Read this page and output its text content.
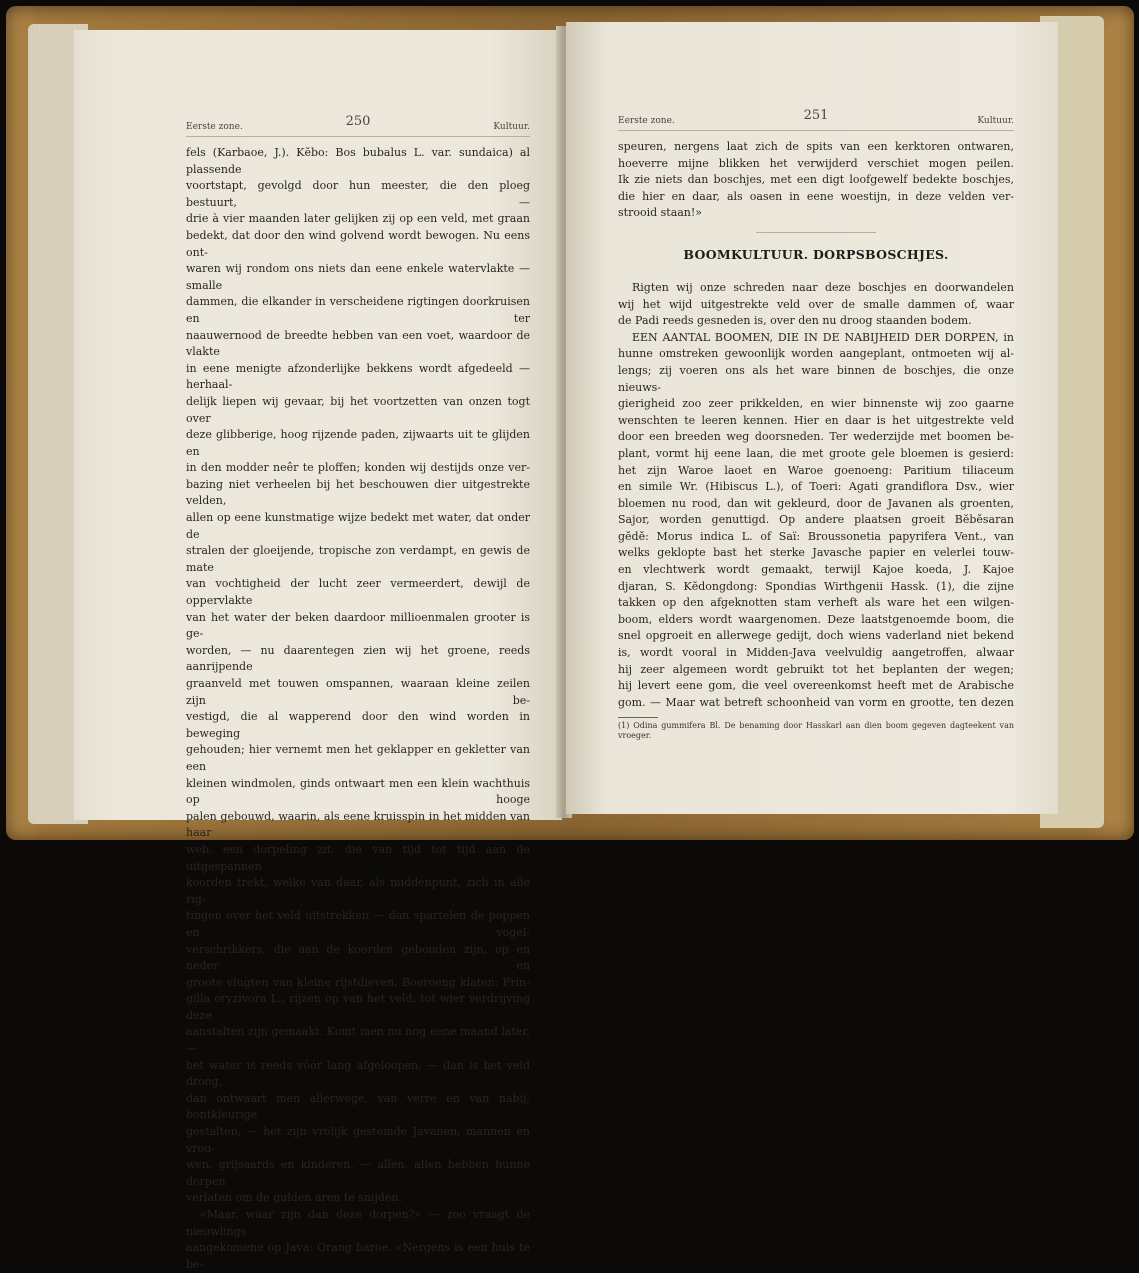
Eerste zone.	250	Kultuur.

fels (Karbaoe, J.). Kĕbo: Bos bubalus L. var. sundaica) al plassende

voortstapt, gevolgd door hun meester, die den ploeg bestuurt, —

drie à vier maanden later gelijken zij op een veld, met graan

bedekt, dat door den wind golvend wordt bewogen. Nu eens ont-

waren wij rondom ons niets dan eene enkele watervlakte — smalle

dammen, die elkander in verscheidene rigtingen doorkruisen en ter

naauwernood de breedte hebben van een voet, waardoor de vlakte

in eene menigte afzonderlijke bekkens wordt afgedeeld — herhaal-

delijk liepen wij gevaar, bij het voortzetten van onzen togt over

deze glibberige, hoog rijzende paden, zijwaarts uit te glijden en

in den modder neêr te ploffen; konden wij destijds onze ver-

bazing niet verheelen bij het beschouwen dier uitgestrekte velden,

allen op eene kunstmatige wijze bedekt met water, dat onder de

stralen der gloeijende, tropische zon verdampt, en gewis de mate

van vochtigheid der lucht zeer vermeerdert, dewijl de oppervlakte

van het water der beken daardoor millioenmalen grooter is ge-

worden, — nu daarentegen zien wij het groene, reeds aanrijpende

graanveld met touwen omspannen, waaraan kleine zeilen zijn be-

vestigd, die al wapperend door den wind worden in beweging

gehouden; hier vernemt men het geklapper en gekletter van een

kleinen windmolen, ginds ontwaart men een klein wachthuis op hooge

palen gebouwd, waarin, als eene kruisspin in het midden van haar

web, een dorpeling zit, die van tijd tot tijd aan de uitgespannen

koorden trekt, welke van daar, als middenpunt, zich in alle rig-

tingen over het veld uitstrekken — dan spartelen de poppen en vogel-

verschrikkers, die aan de koorden gebonden zijn, op en neder en

groote vlugten van kleine rijstdieven, Boeroeng klaten: Frin-

gilla oryzivora L., rijzen op van het veld, tot wier verdrijving deze

aanstalten zijn gemaakt. Komt men nu nog eene maand later, —

het water is reeds vóór lang afgeloopen, — dan is het veld droog,

dan ontwaart men allerwege, van verre en van nabij, bontkleurige

gestalten, — het zijn vrolijk gestemde Javanen, mannen en vrou-

wen, grijsaards en kinderen, — allen, allen hebben hunne dorpen

verlaten om de gulden aren te snijden.

«Maar, waar zijn dan deze dorpen?» — zoo vraagt de nieuwlings

aangekomene op Java: Orang baroe. «Nergens is een huis te be-

Eerste zone.	251	Kultuur.

speuren, nergens laat zich de spits van een kerktoren ontwaren,

hoeverre mijne blikken het verwijderd verschiet mogen peilen.

Ik zie niets dan boschjes, met een digt loofgewelf bedekte boschjes,

die hier en daar, als oasen in eene woestijn, in deze velden ver-

strooid staan!»

BOOMKULTUUR. DORPSBOSCHJES.

Rigten wij onze schreden naar deze boschjes en doorwandelen

wij het wijd uitgestrekte veld over de smalle dammen of, waar

de Padi reeds gesneden is, over den nu droog staanden bodem.

EEN AANTAL BOOMEN, DIE IN DE NABIJHEID DER DORPEN, in

hunne omstreken gewoonlijk worden aangeplant, ontmoeten wij al-

lengs; zij voeren ons als het ware binnen de boschjes, die onze nieuws-

gierigheid zoo zeer prikkelden, en wier binnenste wij zoo gaarne

wenschten te leeren kennen. Hier en daar is het uitgestrekte veld

door een breeden weg doorsneden. Ter wederzijde met boomen be-

plant, vormt hij eene laan, die met groote gele bloemen is gesierd:

het zijn Waroe laoet en Waroe goenoeng: Paritium tiliaceum

en simile Wr. (Hibiscus L.), of Toeri: Agati grandiflora Dsv., wier

bloemen nu rood, dan wit gekleurd, door de Javanen als groenten,

Sajor, worden genuttigd. Op andere plaatsen groeit Bĕbĕsaran

gĕdĕ: Morus indica L. of Saï: Broussonetia papyrifera Vent., van

welks geklopte bast het sterke Javasche papier en velerlei touw-

en vlechtwerk wordt gemaakt, terwijl Kajoe koeda, J. Kajoe

djaran, S. Kĕdongdong: Spondias Wirthgenii Hassk. (1), die zijne

takken op den afgeknotten stam verheft als ware het een wilgen-

boom, elders wordt waargenomen. Deze laatstgenoemde boom, die

snel opgroeit en allerwege gedijt, doch wiens vaderland niet bekend

is, wordt vooral in Midden-Java veelvuldig aangetroffen, alwaar

hij zeer algemeen wordt gebruikt tot het beplanten der wegen;

hij levert eene gom, die veel overeenkomst heeft met de Arabische

gom. — Maar wat betreft schoonheid van vorm en grootte, ten dezen

(1) Odina gummifera Bl. De benaming door Hasskarl aan dien boom gegeven dagteekent van vroeger.
